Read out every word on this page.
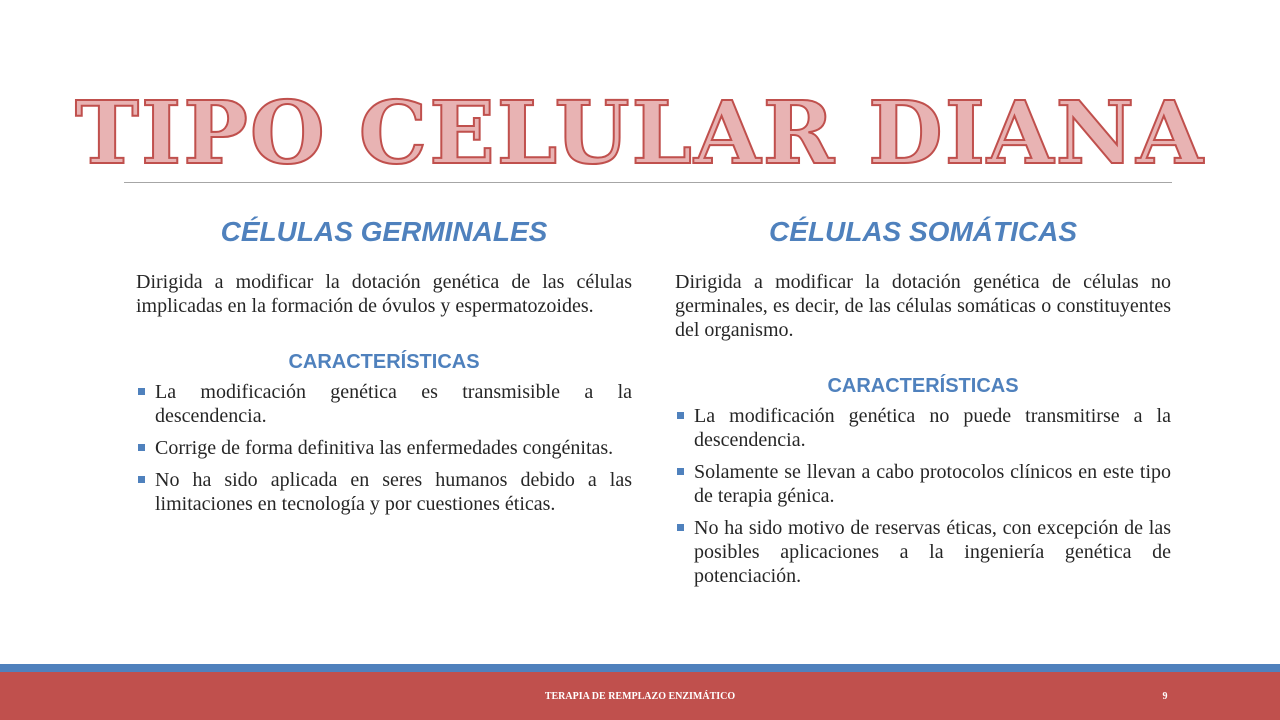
TIPO CELULAR DIANA
CÉLULAS GERMINALES

Dirigida a modificar la dotación genética de las células implicadas en la formación de óvulos y espermatozoides.

CARACTERÍSTICAS
La modificación genética es transmisible a la descendencia.
Corrige de forma definitiva las enfermedades congénitas.
No ha sido aplicada en seres humanos debido a las limitaciones en tecnología y por cuestiones éticas.
CÉLULAS SOMÁTICAS

Dirigida a modificar la dotación genética de células no germinales, es decir, de las células somáticas o constituyentes del organismo.

CARACTERÍSTICAS
La modificación genética no puede transmitirse a la descendencia.
Solamente se llevan a cabo protocolos clínicos en este tipo de terapia génica.
No ha sido motivo de reservas éticas, con excepción de las posibles aplicaciones a la ingeniería genética de potenciación.
TERAPIA DE REMPLAZO ENZIMÁTICO	9
